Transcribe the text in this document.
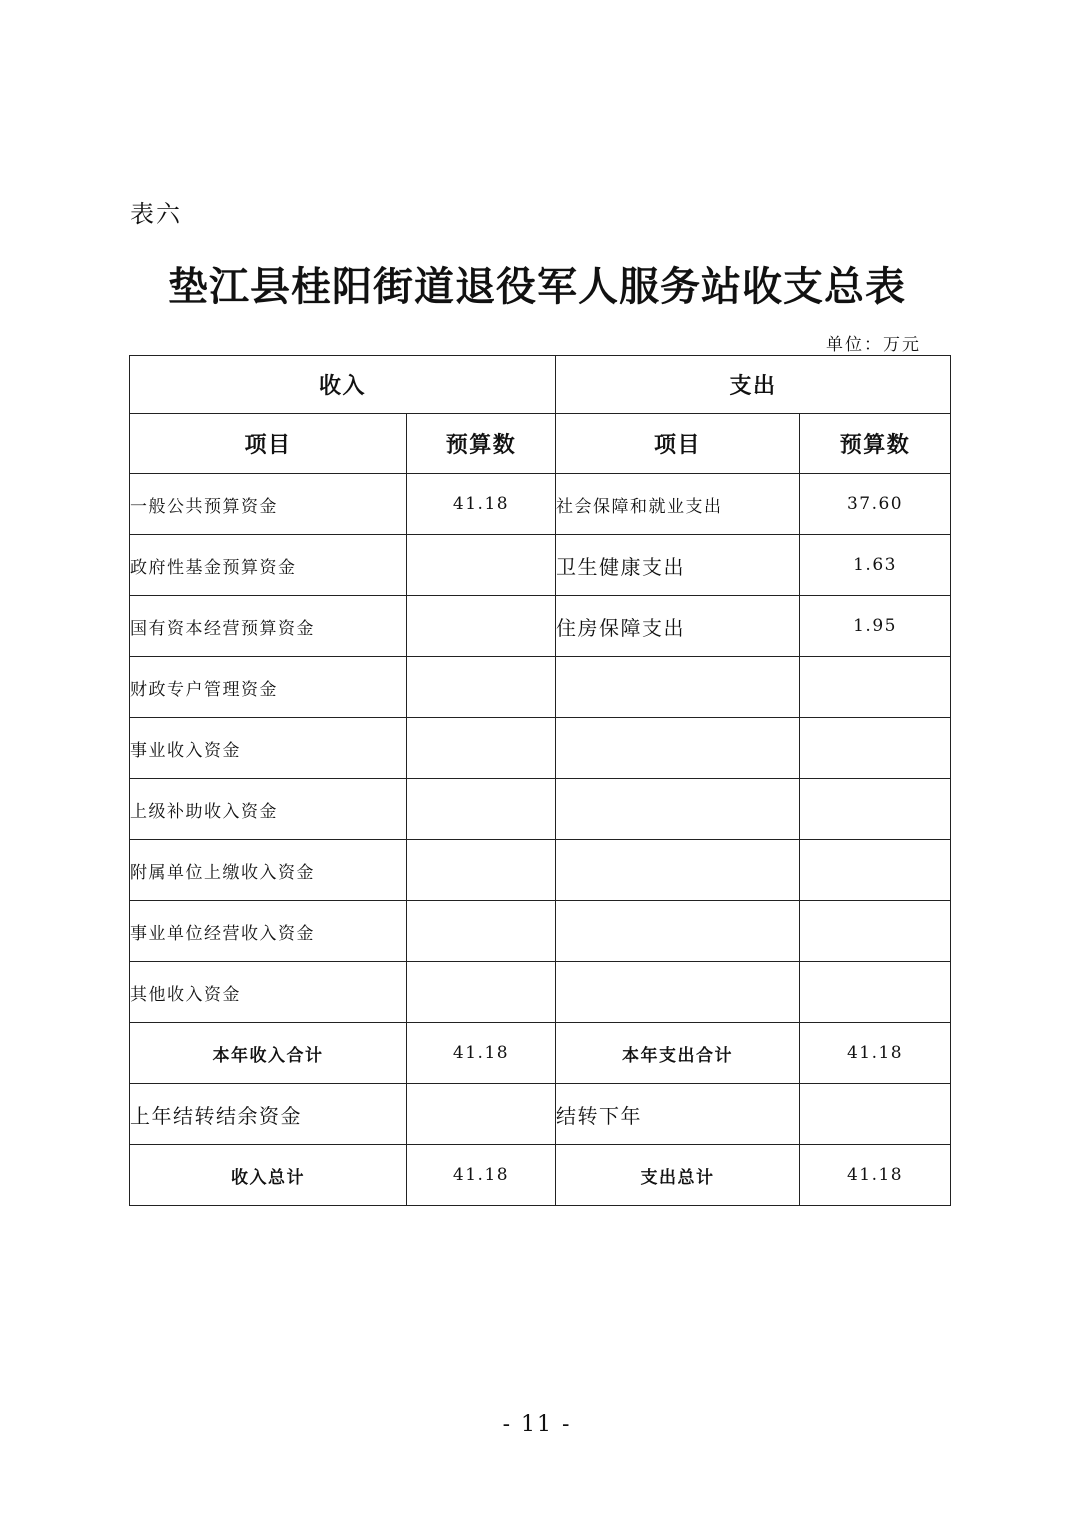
表六
垫江县桂阳街道退役军人服务站收支总表
单位：万元
收入		支出	
项目	预算数	项目	预算数
一般公共预算资金	41.18	社会保障和就业支出	37.60
政府性基金预算资金		卫生健康支出	1.63
国有资本经营预算资金		住房保障支出	1.95
财政专户管理资金			
事业收入资金			
上级补助收入资金			
附属单位上缴收入资金			
事业单位经营收入资金			
其他收入资金			
本年收入合计	41.18	本年支出合计	41.18
上年结转结余资金		结转下年	
收入总计	41.18	支出总计	41.18
- 11 -
